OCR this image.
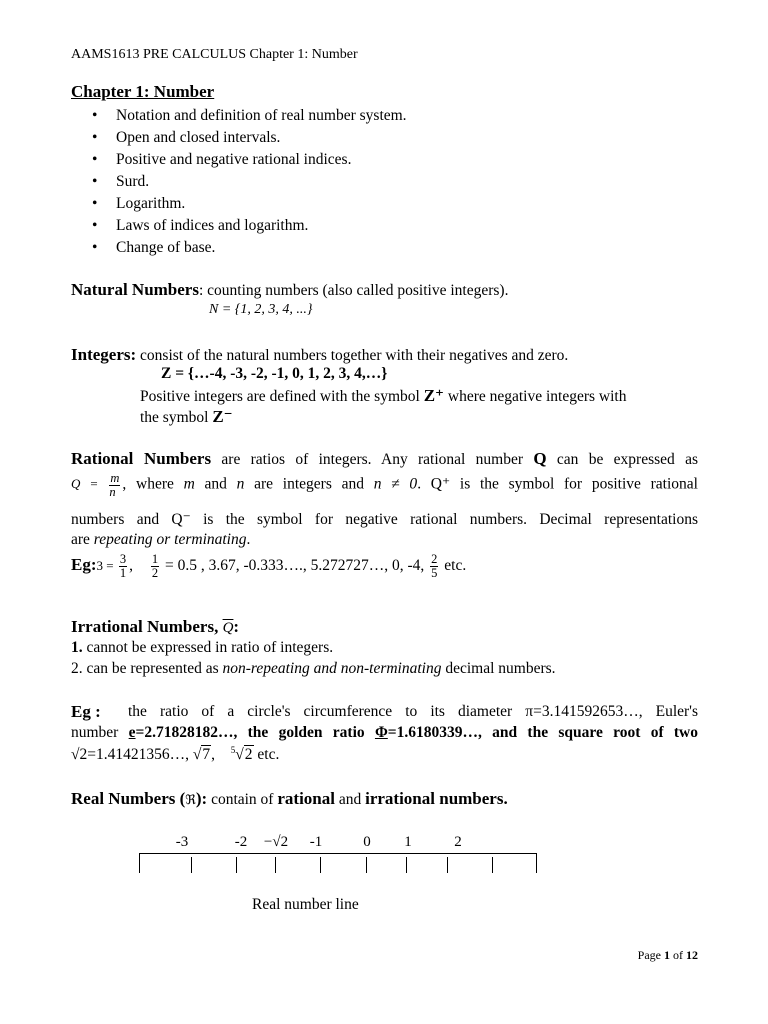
AAMS1613 PRE CALCULUS Chapter 1: Number
Chapter 1: Number
• Notation and definition of real number system.
• Open and closed intervals.
• Positive and negative rational indices.
• Surd.
• Logarithm.
• Laws of indices and logarithm.
• Change of base.
Natural Numbers: counting numbers (also called positive integers).
N = {1, 2, 3, 4, ...}
Integers: consist of the natural numbers together with their negatives and zero.
Z = {…-4, -3, -2, -1, 0, 1, 2, 3, 4,…}
Positive integers are defined with the symbol Z⁺ where negative integers with
the symbol Z⁻
Rational Numbers are ratios of integers. Any rational number Q can be expressed as
$Q = \frac{m}{n}$ , where m and n are integers and n ≠ 0. Q⁺ is the symbol for positive rational
numbers and Q⁻ is the symbol for negative rational numbers. Decimal representations
are repeating or terminating.
Eg:3 = $\frac{3}{1}$ , $\frac{1}{2} = 0.5$ , 3.67, -0.333…., 5.272727…, 0, -4, $\frac{2}{5}$ etc.
Irrational Numbers, $\overline{Q}$:
1. cannot be expressed in ratio of integers.
2. can be represented as non-repeating and non-terminating decimal numbers.
Eg : the ratio of a circle's circumference to its diameter π=3.141592653…, Euler's
number e=2.71828182…, the golden ratio Φ=1.6180339…, and the square root of two
√2=1.41421356…, √7,  $^5$√2 etc.
Real Numbers (ℜ): contain of rational and irrational numbers.
-3	-2 −√2 -1	0 1	2
Real number line
Page 1 of 12
